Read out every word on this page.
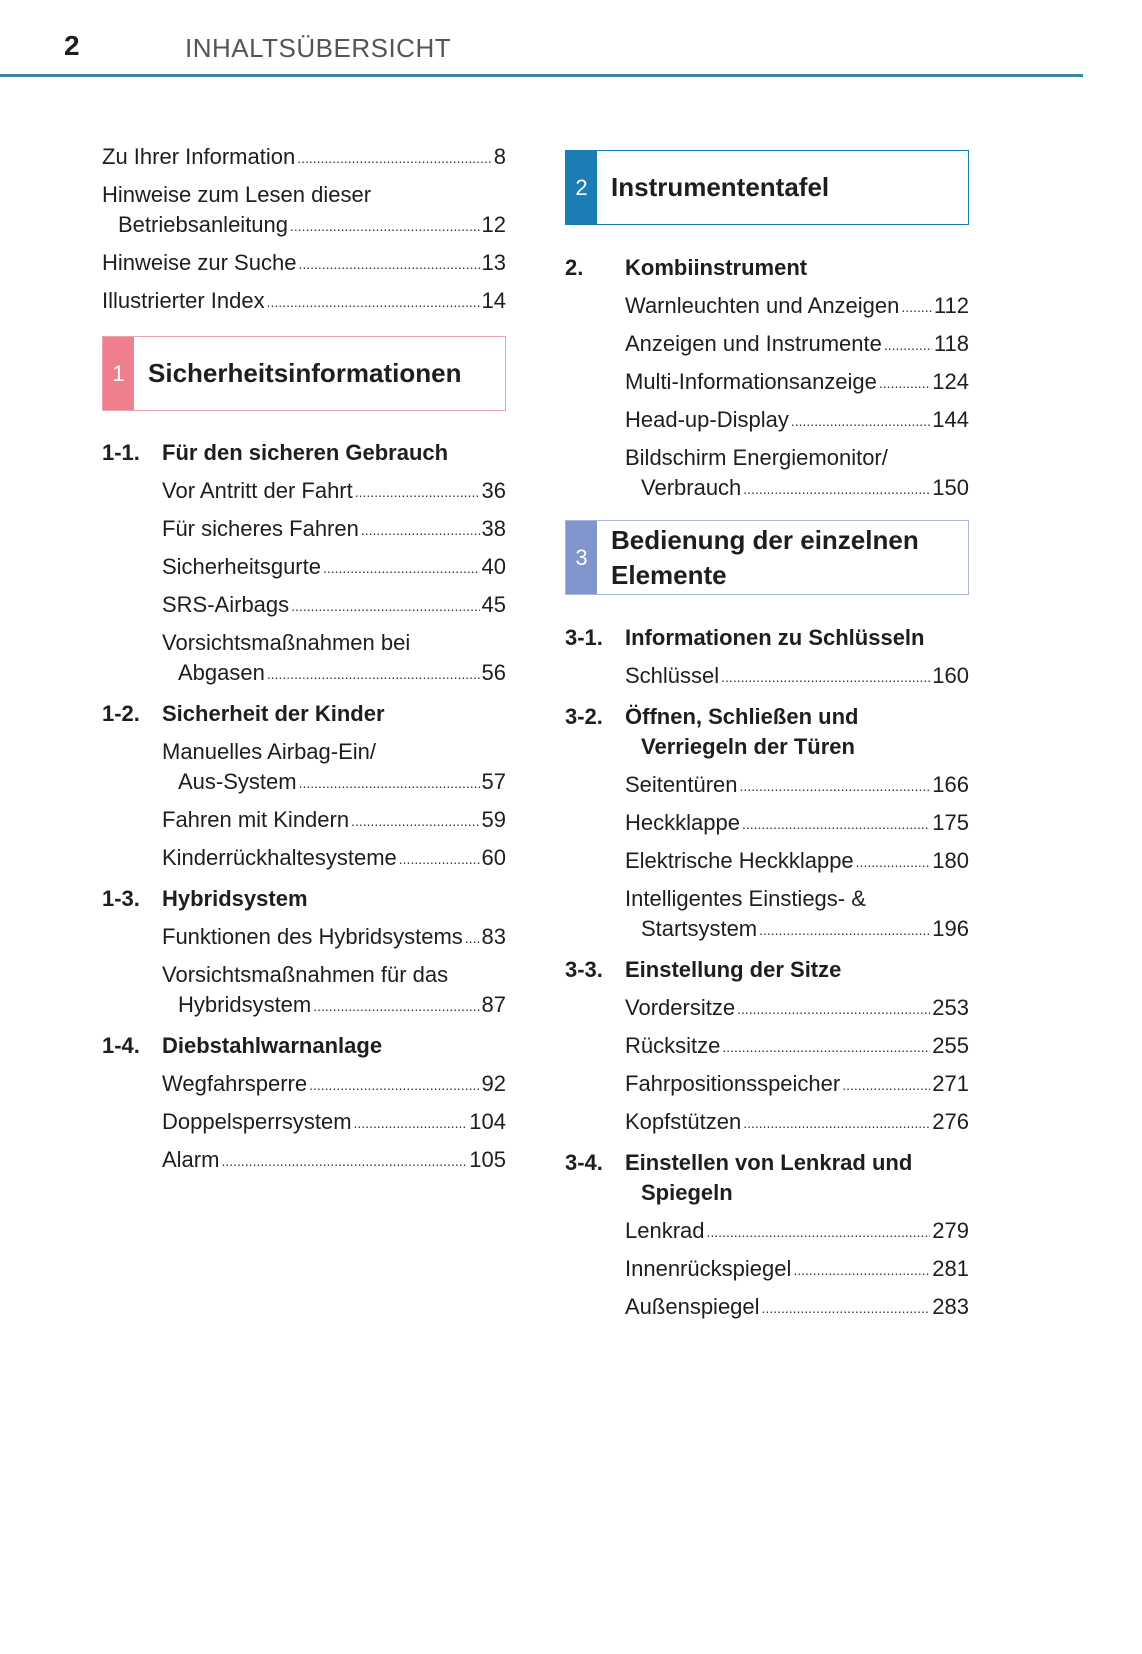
2	INHALTSÜBERSICHT
Zu Ihrer Information .....	8
Hinweise zum Lesen dieser
Betriebsanleitung .....	12
Hinweise zur Suche .....	13
Illustrierter Index .....	14
1 Sicherheitsinformationen
1-1.	Für den sicheren Gebrauch
Vor Antritt der Fahrt .....	36
Für sicheres Fahren .....	38
Sicherheitsgurte .....	40
SRS-Airbags .....	45
Vorsichtsmaßnahmen bei
Abgasen .....	56
1-2.	Sicherheit der Kinder
Manuelles Airbag-Ein/
Aus-System .....	57
Fahren mit Kindern .....	59
Kinderrückhaltesysteme .....	60
1-3.	Hybridsystem
Funktionen des Hybridsystems ..... 83
Vorsichtsmaßnahmen für das
Hybridsystem .....	87
1-4.	Diebstahlwarnanlage
Wegfahrsperre .....	92
Doppelsperrsystem .....	104
Alarm .....	105
2 Instrumententafel
2.	Kombiinstrument
Warnleuchten und Anzeigen ..... 112
Anzeigen und Instrumente ..... 118
Multi-Informationsanzeige .....	124
Head-up-Display .....	144
Bildschirm Energiemonitor/
Verbrauch .....	150
3
Bedienung der einzelnen
Elemente
3-1.	Informationen zu Schlüsseln
Schlüssel .....	160
3-2.	Öffnen, Schließen und
Verriegeln der Türen
Seitentüren .....	166
Heckklappe .....	175
Elektrische Heckklappe .....	180
Intelligentes Einstiegs- &
Startsystem .....	196
3-3.	Einstellung der Sitze
Vordersitze .....	253
Rücksitze .....	255
Fahrpositionsspeicher .....	271
Kopfstützen .....	276
3-4.	Einstellen von Lenkrad und
Spiegeln
Lenkrad .....	279
Innenrückspiegel .....	281
Außenspiegel .....	283
